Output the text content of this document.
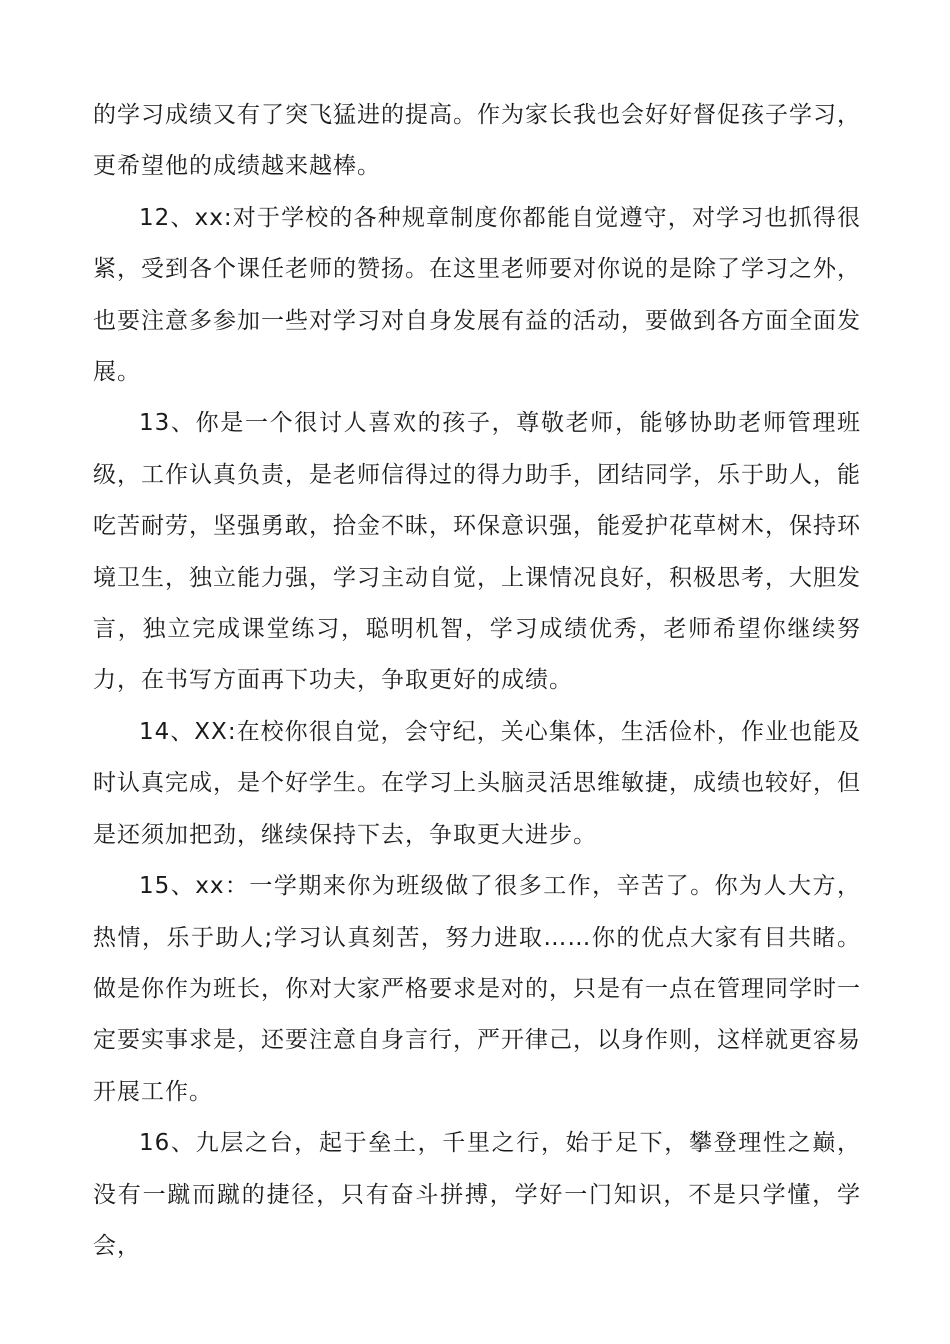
的学习成绩又有了突飞猛进的提高。作为家长我也会好好督促孩子学习，更希望他的成绩越来越棒。

12、xx:对于学校的各种规章制度你都能自觉遵守，对学习也抓得很紧，受到各个课任老师的赞扬。在这里老师要对你说的是除了学习之外，也要注意多参加一些对学习对自身发展有益的活动，要做到各方面全面发展。

13、你是一个很讨人喜欢的孩子，尊敬老师，能够协助老师管理班级，工作认真负责，是老师信得过的得力助手，团结同学，乐于助人，能吃苦耐劳，坚强勇敢，拾金不昧，环保意识强，能爱护花草树木，保持环境卫生，独立能力强，学习主动自觉，上课情况良好，积极思考，大胆发言，独立完成课堂练习，聪明机智，学习成绩优秀，老师希望你继续努力，在书写方面再下功夫，争取更好的成绩。

14、XX:在校你很自觉，会守纪，关心集体，生活俭朴，作业也能及时认真完成，是个好学生。在学习上头脑灵活思维敏捷，成绩也较好，但是还须加把劲，继续保持下去，争取更大进步。

15、xx：一学期来你为班级做了很多工作，辛苦了。你为人大方，热情，乐于助人;学习认真刻苦，努力进取……你的优点大家有目共睹。做是你作为班长，你对大家严格要求是对的，只是有一点在管理同学时一定要实事求是，还要注意自身言行，严开律己，以身作则，这样就更容易开展工作。

16、九层之台，起于垒土，千里之行，始于足下，攀登理性之巅，没有一蹴而蹴的捷径，只有奋斗拼搏，学好一门知识，不是只学懂，学会，
